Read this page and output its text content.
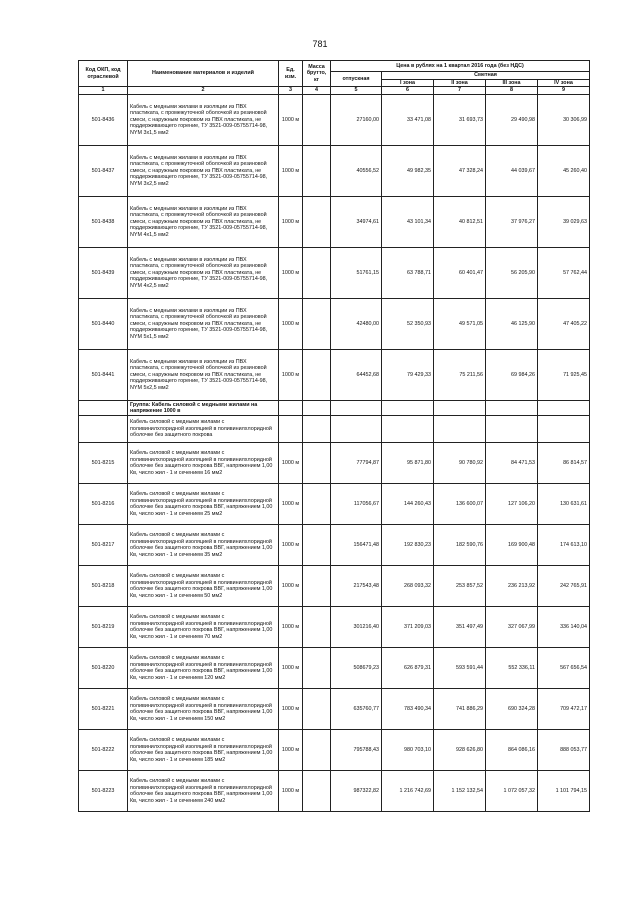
781
Код ОКП, код отраслевой	Наименование материалов и изделий	Ед. изм.	Масса брутто, кг	Цена в рублях на 1 квартал 2016 года (без НДС)				
				отпускная	Сметная			
					I зона	II зона	III зона	IV зона
1	2	3	4	5	6	7	8	9
501-8436	Кабель с медными жилами в изоляции из ПВХ пластиката, с промежуточной оболочкой из резиновой смеси, с наружным покровом из ПВХ пластиката, не поддерживающего горение, ТУ 3521-009-05755714-98, NYM 3x1,5 мм2	1000 м		27160,00	33 471,08	31 693,73	29 490,98	30 306,99
501-8437	Кабель с медными жилами в изоляции из ПВХ пластиката, с промежуточной оболочкой из резиновой смеси, с наружным покровом из ПВХ пластиката, не поддерживающего горение, ТУ 3521-009-05755714-98, NYM 3x2,5 мм2	1000 м		40556,52	49 982,35	47 328,24	44 039,67	45 260,40
501-8438	Кабель с медными жилами в изоляции из ПВХ пластиката, с промежуточной оболочкой из резиновой смеси, с наружным покровом из ПВХ пластиката, не поддерживающего горение, ТУ 3521-009-05755714-98, NYM 4x1,5 мм2	1000 м		34974,61	43 101,34	40 812,51	37 976,27	39 029,63
501-8439	Кабель с медными жилами в изоляции из ПВХ пластиката, с промежуточной оболочкой из резиновой смеси, с наружным покровом из ПВХ пластиката, не поддерживающего горение, ТУ 3521-009-05755714-98, NYM 4x2,5 мм2	1000 м		51761,15	63 788,71	60 401,47	56 205,90	57 762,44
501-8440	Кабель с медными жилами в изоляции из ПВХ пластиката, с промежуточной оболочкой из резиновой смеси, с наружным покровом из ПВХ пластиката, не поддерживающего горение, ТУ 3521-009-05755714-98, NYM 5x1,5 мм2	1000 м		42480,00	52 350,93	49 571,05	46 125,90	47 405,22
501-8441	Кабель с медными жилами в изоляции из ПВХ пластиката, с промежуточной оболочкой из резиновой смеси, с наружным покровом из ПВХ пластиката, не поддерживающего горение, ТУ 3521-009-05755714-98, NYM 5x2,5 мм2	1000 м		64452,68	79 429,33	75 211,56	69 984,26	71 925,45
	Группа: Кабель силовой с медными жилами на напряжение 1000 в							
	Кабель силовой с медными жилами с поливинилхлоридной изоляцией в поливинилхлоридной оболочке без защитного покрова							
501-8215	Кабель силовой с медными жилами с поливинилхлоридной изоляцией в поливинилхлоридной оболочке без защитного покрова ВВГ, напряжением 1,00 Кв, число жил - 1 и сечением 16 мм2	1000 м		77794,87	95 871,80	90 780,92	84 471,53	86 814,57
501-8216	Кабель силовой с медными жилами с поливинилхлоридной изоляцией в поливинилхлоридной оболочке без защитного покрова ВВГ, напряжением 1,00 Кв, число жил - 1 и сечением 25 мм2	1000 м		117056,67	144 260,43	136 600,07	127 106,20	130 631,61
501-8217	Кабель силовой с медными жилами с поливинилхлоридной изоляцией в поливинилхлоридной оболочке без защитного покрова ВВГ, напряжением 1,00 Кв, число жил - 1 и сечением 35 мм2	1000 м		156471,48	192 830,23	182 590,76	169 900,48	174 613,10
501-8218	Кабель силовой с медными жилами с поливинилхлоридной изоляцией в поливинилхлоридной оболочке без защитного покрова ВВГ, напряжением 1,00 Кв, число жил - 1 и сечением 50 мм2	1000 м		217543,48	268 093,32	253 857,52	236 213,92	242 765,91
501-8219	Кабель силовой с медными жилами с поливинилхлоридной изоляцией в поливинилхлоридной оболочке без защитного покрова ВВГ, напряжением 1,00 Кв, число жил - 1 и сечением 70 мм2	1000 м		301216,40	371 209,03	351 497,49	327 067,99	336 140,04
501-8220	Кабель силовой с медными жилами с поливинилхлоридной изоляцией в поливинилхлоридной оболочке без защитного покрова ВВГ, напряжением 1,00 Кв, число жил - 1 и сечением 120 мм2	1000 м		508679,23	626 879,31	593 591,44	552 336,11	567 656,54
501-8221	Кабель силовой с медными жилами с поливинилхлоридной изоляцией в поливинилхлоридной оболочке без защитного покрова ВВГ, напряжением 1,00 Кв, число жил - 1 и сечением 150 мм2	1000 м		635760,77	783 490,34	741 886,29	690 324,28	709 472,17
501-8222	Кабель силовой с медными жилами с поливинилхлоридной изоляцией в поливинилхлоридной оболочке без защитного покрова ВВГ, напряжением 1,00 Кв, число жил - 1 и сечением 185 мм2	1000 м		795788,43	980 703,10	928 626,80	864 086,16	888 053,77
501-8223	Кабель силовой с медными жилами с поливинилхлоридной изоляцией в поливинилхлоридной оболочке без защитного покрова ВВГ, напряжением 1,00 Кв, число жил - 1 и сечением 240 мм2	1000 м		987322,82	1 216 742,69	1 152 132,54	1 072 057,32	1 101 794,15
